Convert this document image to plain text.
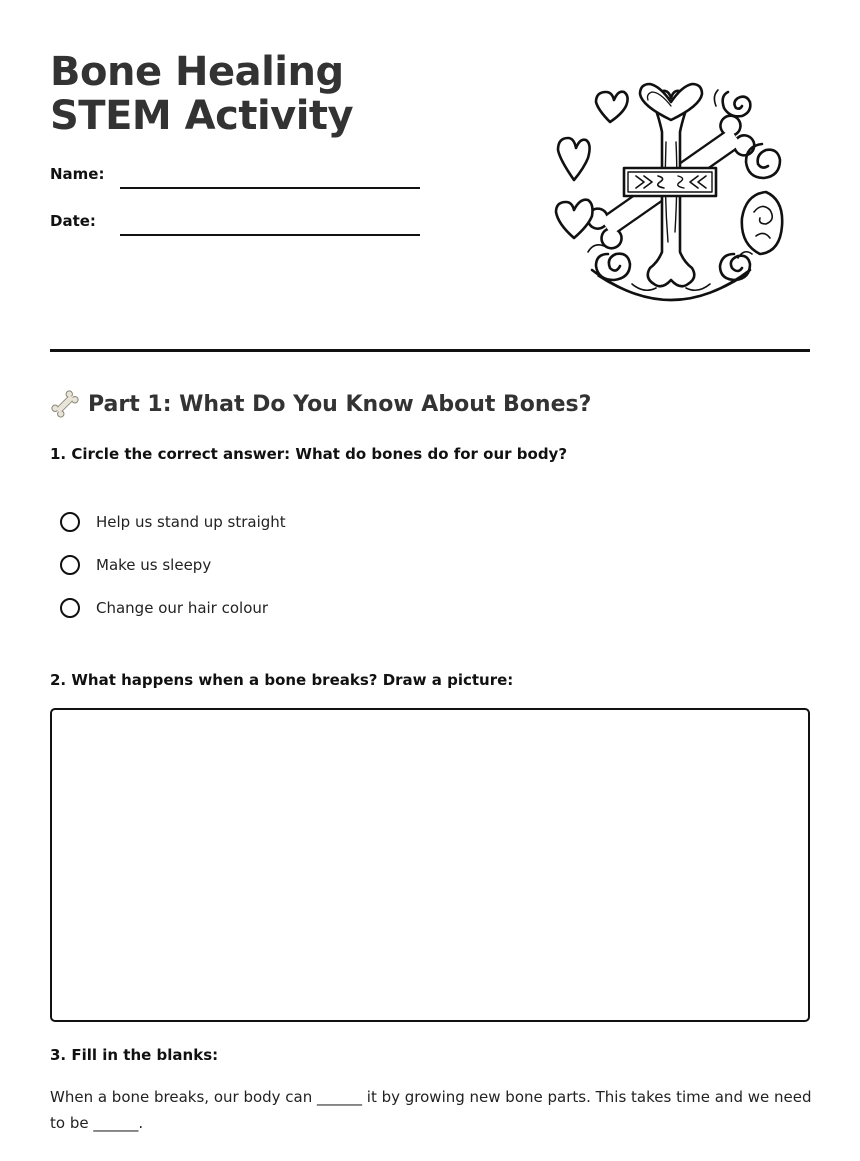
Bone Healing STEM Activity
Name:
Date:
Part 1: What Do You Know About Bones?
1. Circle the correct answer: What do bones do for our body?
Help us stand up straight
Make us sleepy
Change our hair colour
2. What happens when a bone breaks? Draw a picture:
3. Fill in the blanks:
When a bone breaks, our body can ______ it by growing new bone parts. This takes time and we need to be ______.
